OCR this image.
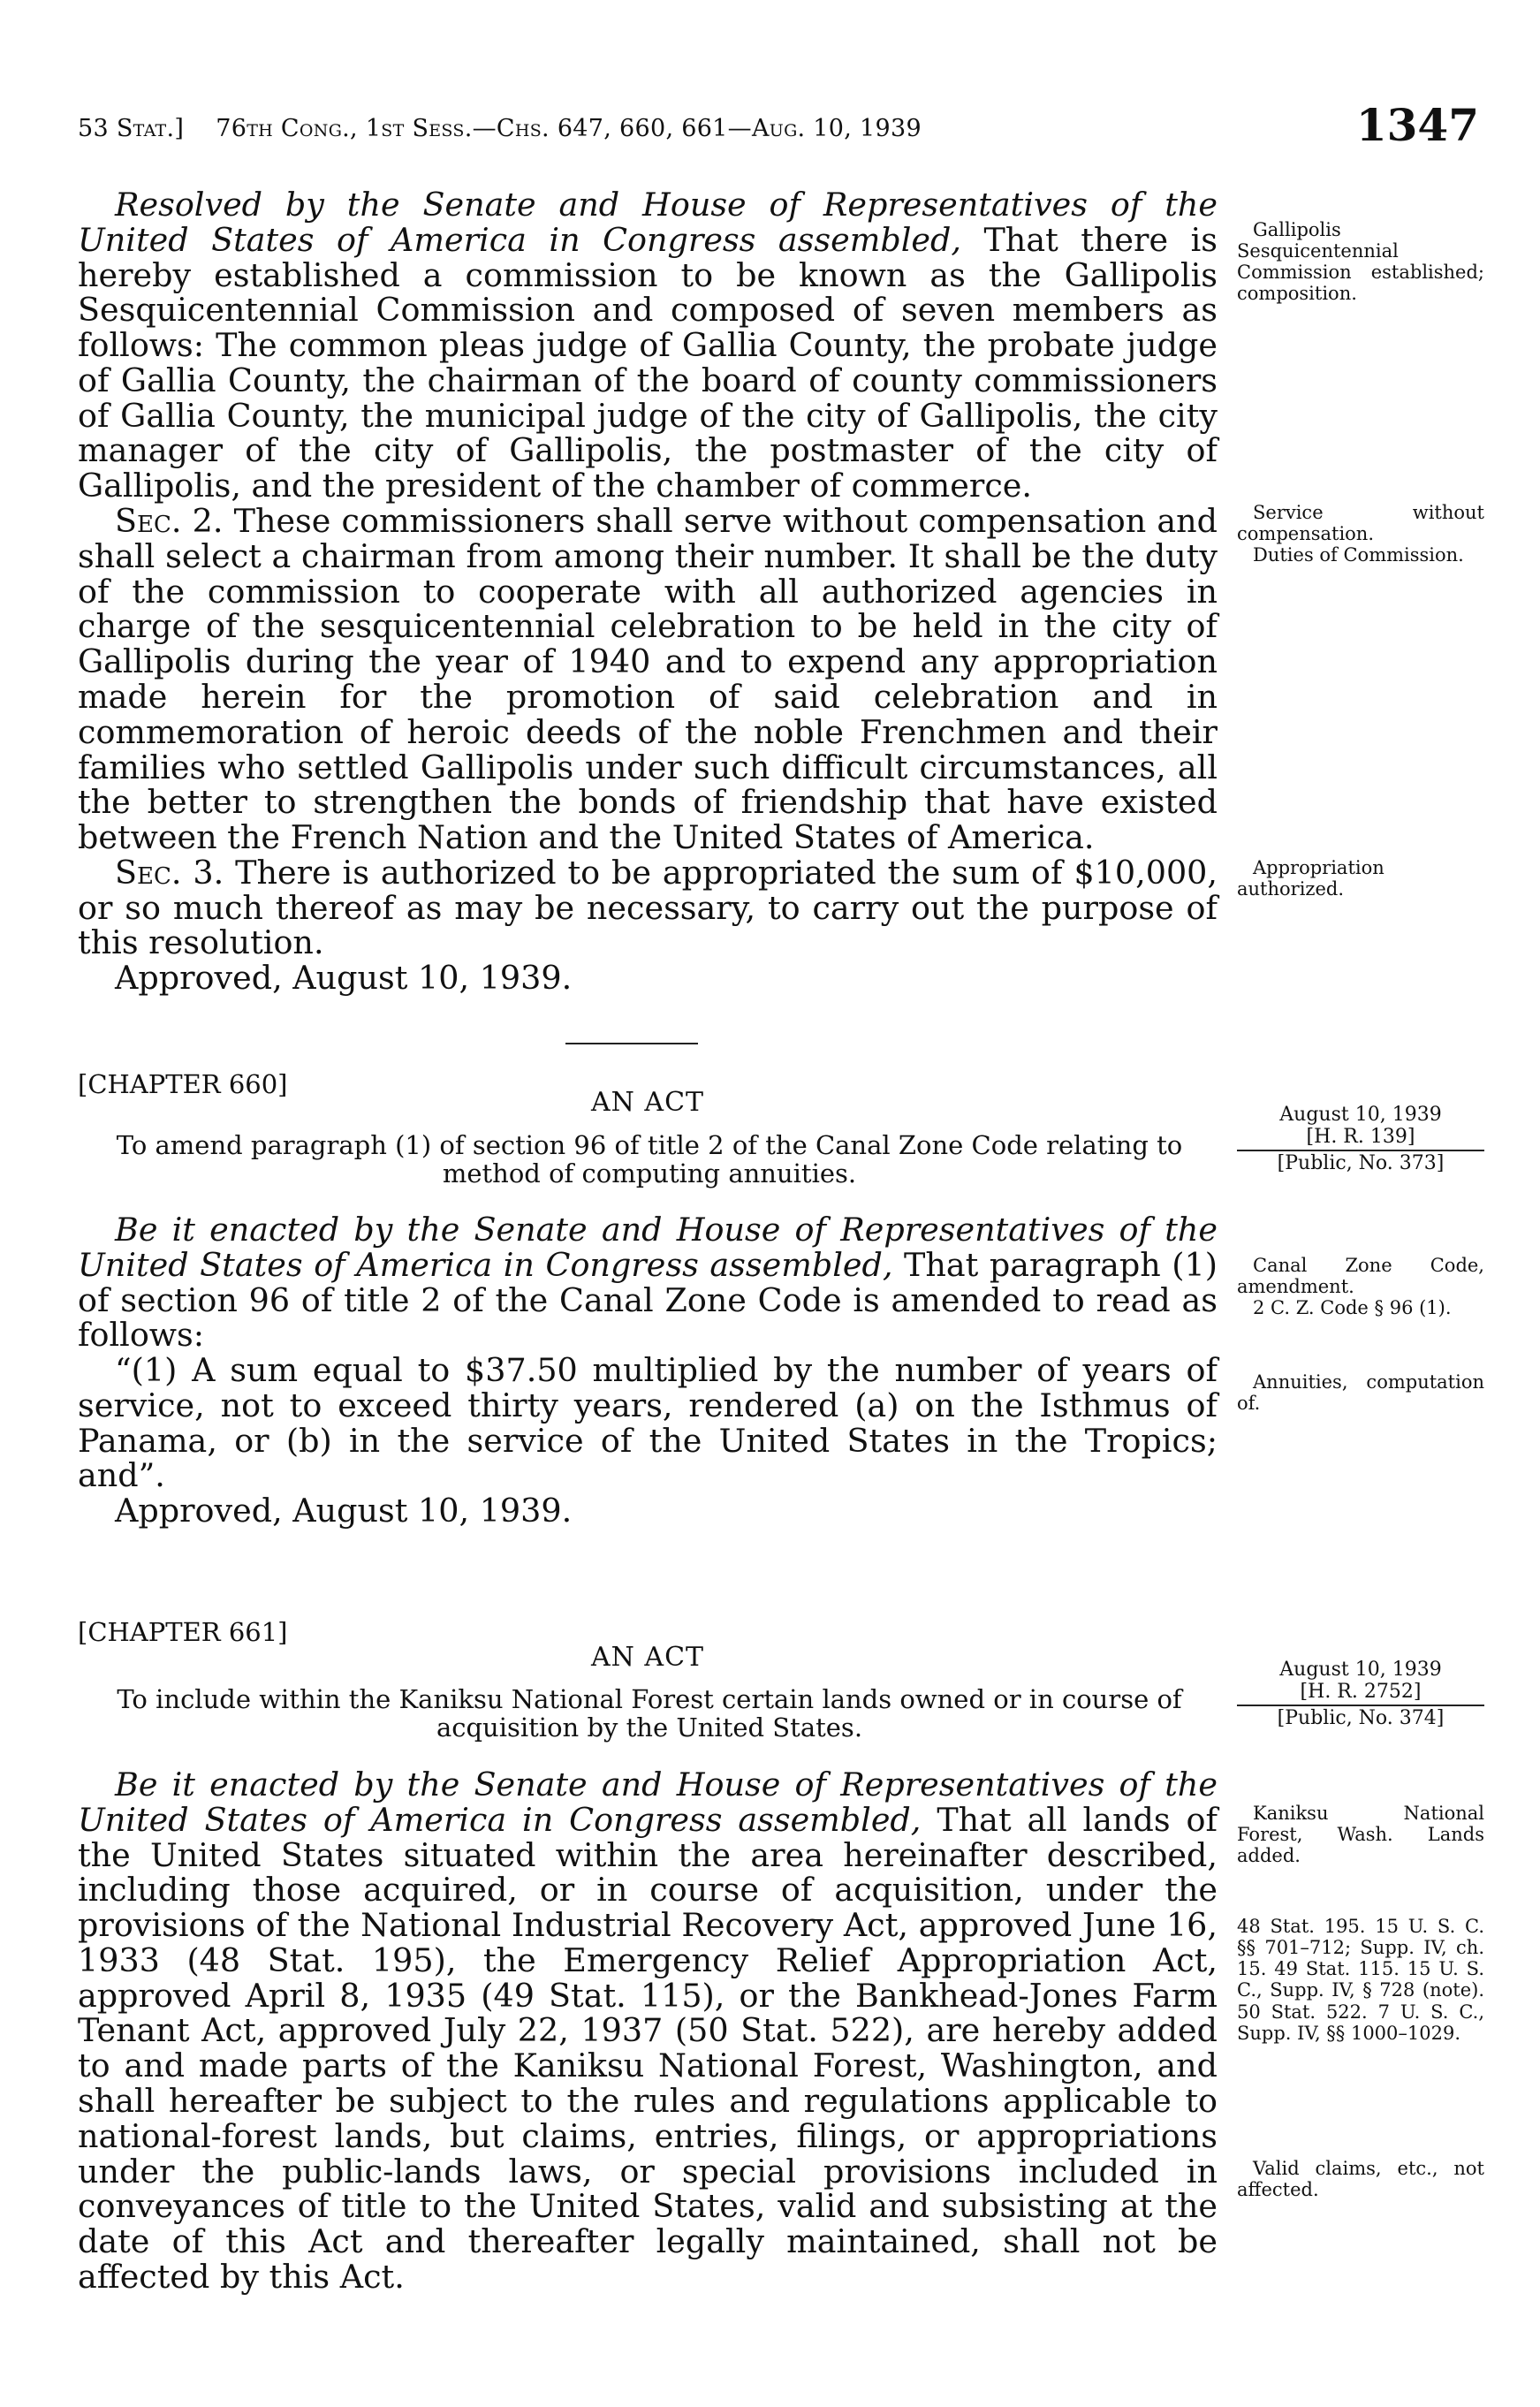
53 Stat.] 76th Cong., 1st Sess.—Chs. 647, 660, 661—Aug. 10, 1939	1347

Resolved by the Senate and House of Representatives of the United States of America in Congress assembled, That there is hereby established a commission to be known as the Gallipolis Sesquicentennial Commission and composed of seven members as follows: The common pleas judge of Gallia County, the probate judge of Gallia County, the chairman of the board of county commissioners of Gallia County, the municipal judge of the city of Gallipolis, the city manager of the city of Gallipolis, the postmaster of the city of Gallipolis, and the president of the chamber of commerce.

Sec. 2. These commissioners shall serve without compensation and shall select a chairman from among their number. It shall be the duty of the commission to cooperate with all authorized agencies in charge of the sesquicentennial celebration to be held in the city of Gallipolis during the year of 1940 and to expend any appropriation made herein for the promotion of said celebration and in commemoration of heroic deeds of the noble Frenchmen and their families who settled Gallipolis under such difficult circumstances, all the better to strengthen the bonds of friendship that have existed between the French Nation and the United States of America.

Sec. 3. There is authorized to be appropriated the sum of $10,000, or so much thereof as may be necessary, to carry out the purpose of this resolution.

Approved, August 10, 1939.

Gallipolis Sesquicentennial Commission established; composition.

Service without compensation.

Duties of Commission.

Appropriation authorized.

[CHAPTER 660]
AN ACT
To amend paragraph (1) of section 96 of title 2 of the Canal Zone Code relating to method of computing annuities.
August 10, 1939
[H. R. 139]
[Public, No. 373]

Be it enacted by the Senate and House of Representatives of the United States of America in Congress assembled, That paragraph (1) of section 96 of title 2 of the Canal Zone Code is amended to read as follows:

“(1) A sum equal to $37.50 multiplied by the number of years of service, not to exceed thirty years, rendered (a) on the Isthmus of Panama, or (b) in the service of the United States in the Tropics; and”.

Approved, August 10, 1939.

Canal Zone Code, amendment.

2 C. Z. Code § 96 (1).

Annuities, computation of.

[CHAPTER 661]
AN ACT
To include within the Kaniksu National Forest certain lands owned or in course of acquisition by the United States.
August 10, 1939
[H. R. 2752]
[Public, No. 374]

Be it enacted by the Senate and House of Representatives of the United States of America in Congress assembled, That all lands of the United States situated within the area hereinafter described, including those acquired, or in course of acquisition, under the provisions of the National Industrial Recovery Act, approved June 16, 1933 (48 Stat. 195), the Emergency Relief Appropriation Act, approved April 8, 1935 (49 Stat. 115), or the Bankhead-Jones Farm Tenant Act, approved July 22, 1937 (50 Stat. 522), are hereby added to and made parts of the Kaniksu National Forest, Washington, and shall hereafter be subject to the rules and regulations applicable to national-forest lands, but claims, entries, filings, or appropriations under the public-lands laws, or special provisions included in conveyances of title to the United States, valid and subsisting at the date of this Act and thereafter legally maintained, shall not be affected by this Act.

Kaniksu National Forest, Wash. Lands added.

48 Stat. 195. 15 U. S. C. §§ 701–712; Supp. IV, ch. 15. 49 Stat. 115. 15 U. S. C., Supp. IV, § 728 (note). 50 Stat. 522. 7 U. S. C., Supp. IV, §§ 1000–1029.

Valid claims, etc., not affected.
